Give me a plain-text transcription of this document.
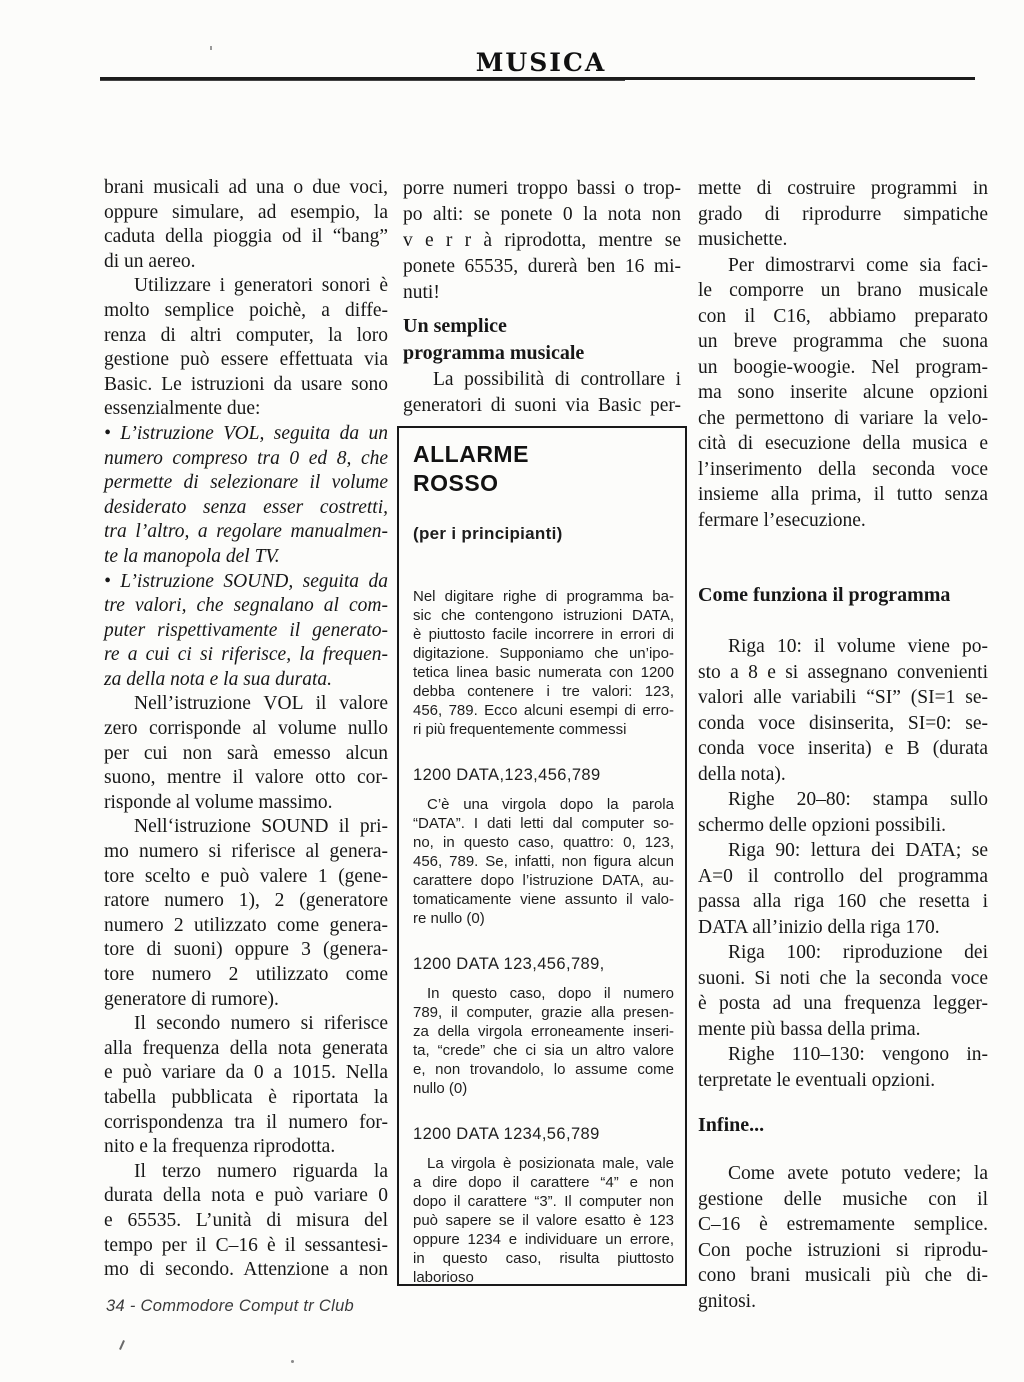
MUSICA
brani musicali ad una o due voci,
oppure simulare, ad esempio, la
caduta della pioggia od il “bang”
di un aereo.
Utilizzare i generatori sonori è
molto semplice poichè, a diffe-
renza di altri computer, la loro
gestione può essere effettuata via
Basic. Le istruzioni da usare sono
essenzialmente due:
• L’istruzione VOL, seguita da un
numero compreso tra 0 ed 8, che
permette di selezionare il volume
desiderato senza esser costretti,
tra l’altro, a regolare manualmen-
te la manopola del TV.
• L’istruzione SOUND, seguita da
tre valori, che segnalano al com-
puter rispettivamente il generato-
re a cui ci si riferisce, la frequen-
za della nota e la sua durata.
Nell’istruzione VOL il valore
zero corrisponde al volume nullo
per cui non sarà emesso alcun
suono, mentre il valore otto cor-
risponde al volume massimo.
Nell‘istruzione SOUND il pri-
mo numero si riferisce al genera-
tore scelto e può valere 1 (gene-
ratore numero 1), 2 (generatore
numero 2 utilizzato come genera-
tore di suoni) oppure 3 (genera-
tore numero 2 utilizzato come
generatore di rumore).
Il secondo numero si riferisce
alla frequenza della nota generata
e può variare da 0 a 1015. Nella
tabella pubblicata è riportata la
corrispondenza tra il numero for-
nito e la frequenza riprodotta.
Il terzo numero riguarda la
durata della nota e può variare 0
e 65535. L’unità di misura del
tempo per il C–16 è il sessantesi-
mo di secondo. Attenzione a non
porre numeri troppo bassi o trop-
po alti: se ponete 0 la nota non
v e r r à riprodotta, mentre se
ponete 65535, durerà ben 16 mi-
nuti!
Un semplice
programma musicale
La possibilità di controllare i
generatori di suoni via Basic per-
ALLARME
ROSSO
(per i principianti)
Nel digitare righe di programma ba-
sic che contengono istruzioni DATA,
è piuttosto facile incorrere in errori di
digitazione. Supponiamo che un’ipo-
tetica linea basic numerata con 1200
debba contenere i tre valori: 123,
456, 789. Ecco alcuni esempi di erro-
ri più frequentemente commessi
1200 DATA,123,456,789
C’è una virgola dopo la parola
“DATA”. I dati letti dal computer so-
no, in questo caso, quattro: 0, 123,
456, 789. Se, infatti, non figura alcun
carattere dopo l’istruzione DATA, au-
tomaticamente viene assunto il valo-
re nullo (0)
1200 DATA 123,456,789,
In questo caso, dopo il numero
789, il computer, grazie alla presen-
za della virgola erroneamente inseri-
ta, “crede” che ci sia un altro valore
e, non trovandolo, lo assume come
nullo (0)
1200 DATA 1234,56,789
La virgola è posizionata male, vale
a dire dopo il carattere “4” e non
dopo il carattere “3”. Il computer non
può sapere se il valore esatto è 123
oppure 1234 e individuare un errore,
in questo caso, risulta piuttosto
laborioso
mette di costruire programmi in
grado di riprodurre simpatiche
musichette.
Per dimostrarvi come sia faci-
le comporre un brano musicale
con il C16, abbiamo preparato
un breve programma che suona
un boogie-woogie. Nel program-
ma sono inserite alcune opzioni
che permettono di variare la velo-
cità di esecuzione della musica e
l’inserimento della seconda voce
insieme alla prima, il tutto senza
fermare l’esecuzione.
Come funziona il programma
Riga 10: il volume viene po-
sto a 8 e si assegnano convenienti
valori alle variabili “SI” (SI=1 se-
conda voce disinserita, SI=0: se-
conda voce inserita) e B (durata
della nota).
Righe 20–80: stampa sullo
schermo delle opzioni possibili.
Riga 90: lettura dei DATA; se
A=0 il controllo del programma
passa alla riga 160 che resetta i
DATA all’inizio della riga 170.
Riga 100: riproduzione dei
suoni. Si noti che la seconda voce
è posta ad una frequenza legger-
mente più bassa della prima.
Righe 110–130: vengono in-
terpretate le eventuali opzioni.
Infine...
Come avete potuto vedere; la
gestione delle musiche con il
C–16 è estremamente semplice.
Con poche istruzioni si riprodu-
cono brani musicali più che di-
gnitosi.
34 - Commodore Comput tr Club
